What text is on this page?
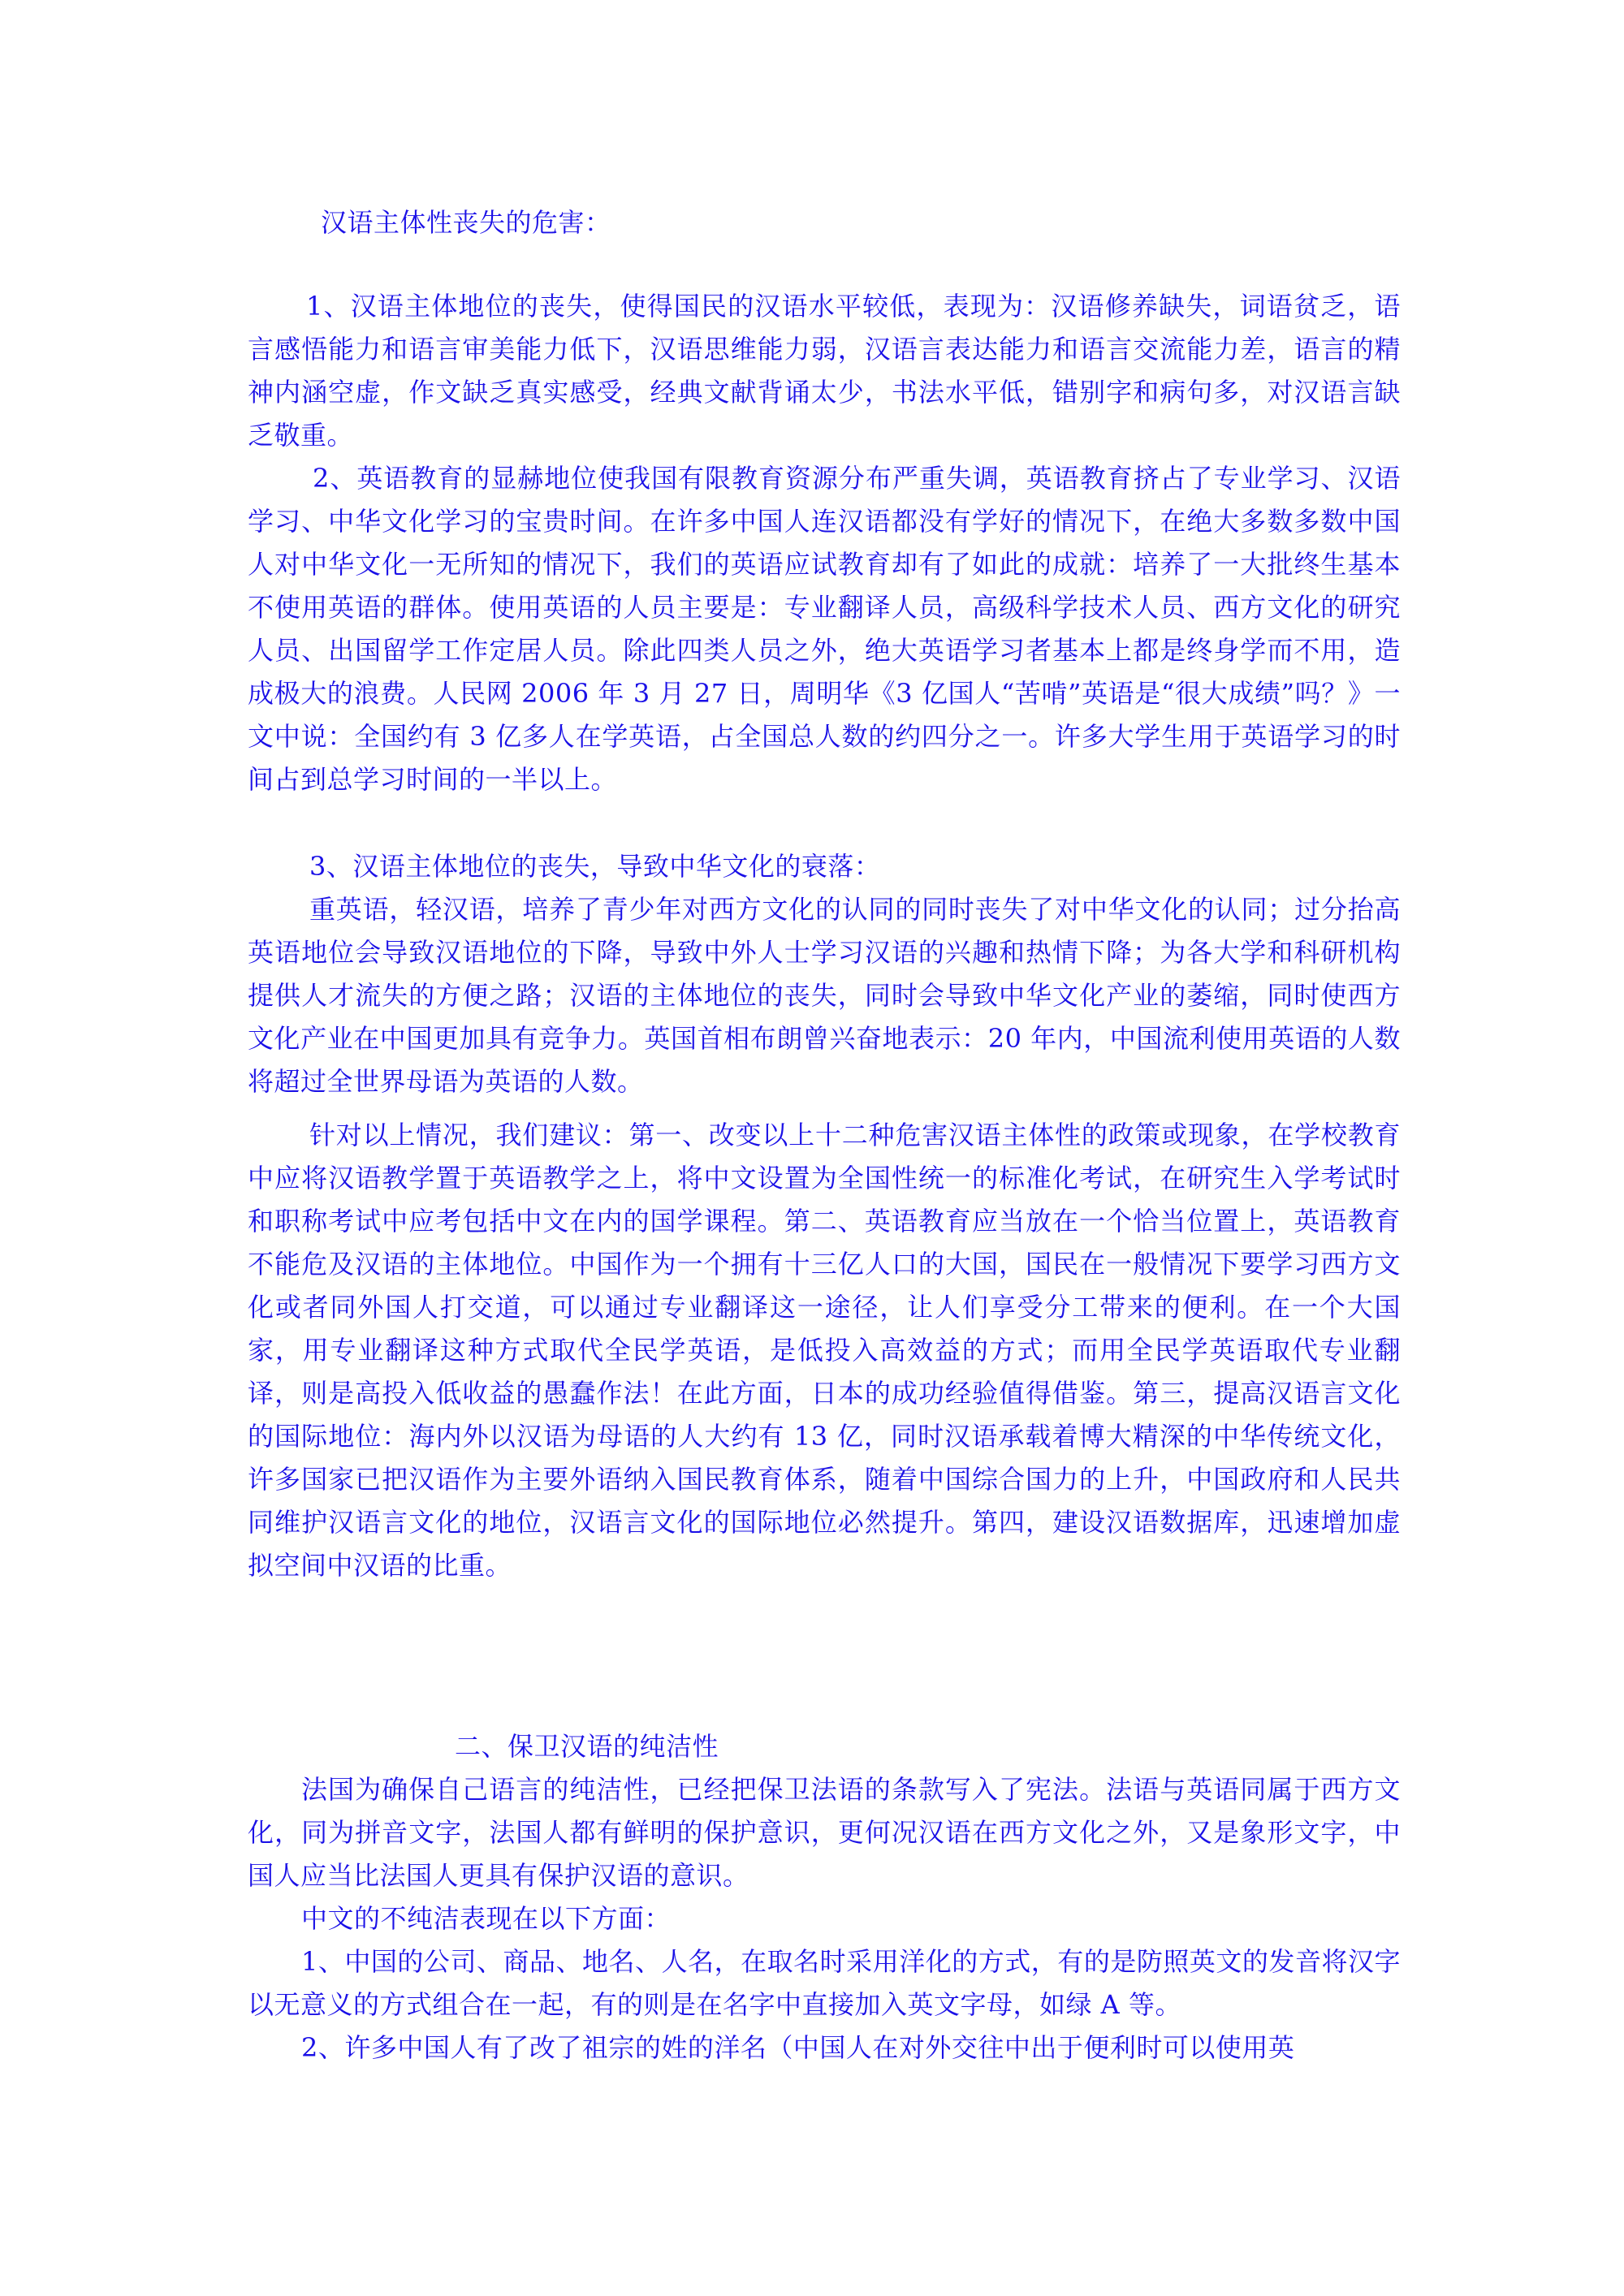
汉语主体性丧失的危害：
1、汉语主体地位的丧失，使得国民的汉语水平较低，表现为：汉语修养缺失，词语贫乏，语言感悟能力和语言审美能力低下，汉语思维能力弱，汉语言表达能力和语言交流能力差，语言的精神内涵空虚，作文缺乏真实感受，经典文献背诵太少，书法水平低，错别字和病句多，对汉语言缺乏敬重。
2、英语教育的显赫地位使我国有限教育资源分布严重失调，英语教育挤占了专业学习、汉语学习、中华文化学习的宝贵时间。在许多中国人连汉语都没有学好的情况下，在绝大多数多数中国人对中华文化一无所知的情况下，我们的英语应试教育却有了如此的成就：培养了一大批终生基本不使用英语的群体。使用英语的人员主要是：专业翻译人员，高级科学技术人员、西方文化的研究人员、出国留学工作定居人员。除此四类人员之外，绝大英语学习者基本上都是终身学而不用，造成极大的浪费。人民网 2006 年 3 月 27 日，周明华《3 亿国人“苦啃”英语是“很大成绩”吗？》一文中说：全国约有 3 亿多人在学英语，占全国总人数的约四分之一。许多大学生用于英语学习的时间占到总学习时间的一半以上。
3、汉语主体地位的丧失，导致中华文化的衰落：
重英语，轻汉语，培养了青少年对西方文化的认同的同时丧失了对中华文化的认同；过分抬高英语地位会导致汉语地位的下降，导致中外人士学习汉语的兴趣和热情下降；为各大学和科研机构提供人才流失的方便之路；汉语的主体地位的丧失，同时会导致中华文化产业的萎缩，同时使西方文化产业在中国更加具有竞争力。英国首相布朗曾兴奋地表示：20 年内，中国流利使用英语的人数将超过全世界母语为英语的人数。
针对以上情况，我们建议：第一、改变以上十二种危害汉语主体性的政策或现象，在学校教育中应将汉语教学置于英语教学之上，将中文设置为全国性统一的标准化考试，在研究生入学考试时和职称考试中应考包括中文在内的国学课程。第二、英语教育应当放在一个恰当位置上，英语教育不能危及汉语的主体地位。中国作为一个拥有十三亿人口的大国，国民在一般情况下要学习西方文化或者同外国人打交道，可以通过专业翻译这一途径，让人们享受分工带来的便利。在一个大国家，用专业翻译这种方式取代全民学英语，是低投入高效益的方式；而用全民学英语取代专业翻译，则是高投入低收益的愚蠢作法！在此方面，日本的成功经验值得借鉴。第三，提高汉语言文化的国际地位：海内外以汉语为母语的人大约有 13 亿，同时汉语承载着博大精深的中华传统文化，许多国家已把汉语作为主要外语纳入国民教育体系，随着中国综合国力的上升，中国政府和人民共同维护汉语言文化的地位，汉语言文化的国际地位必然提升。第四，建设汉语数据库，迅速增加虚拟空间中汉语的比重。
二、保卫汉语的纯洁性
法国为确保自己语言的纯洁性，已经把保卫法语的条款写入了宪法。法语与英语同属于西方文化，同为拼音文字，法国人都有鲜明的保护意识，更何况汉语在西方文化之外，又是象形文字，中国人应当比法国人更具有保护汉语的意识。
中文的不纯洁表现在以下方面：
1、中国的公司、商品、地名、人名，在取名时采用洋化的方式，有的是防照英文的发音将汉字以无意义的方式组合在一起，有的则是在名字中直接加入英文字母，如绿 A 等。
2、许多中国人有了改了祖宗的姓的洋名（中国人在对外交往中出于便利时可以使用英
